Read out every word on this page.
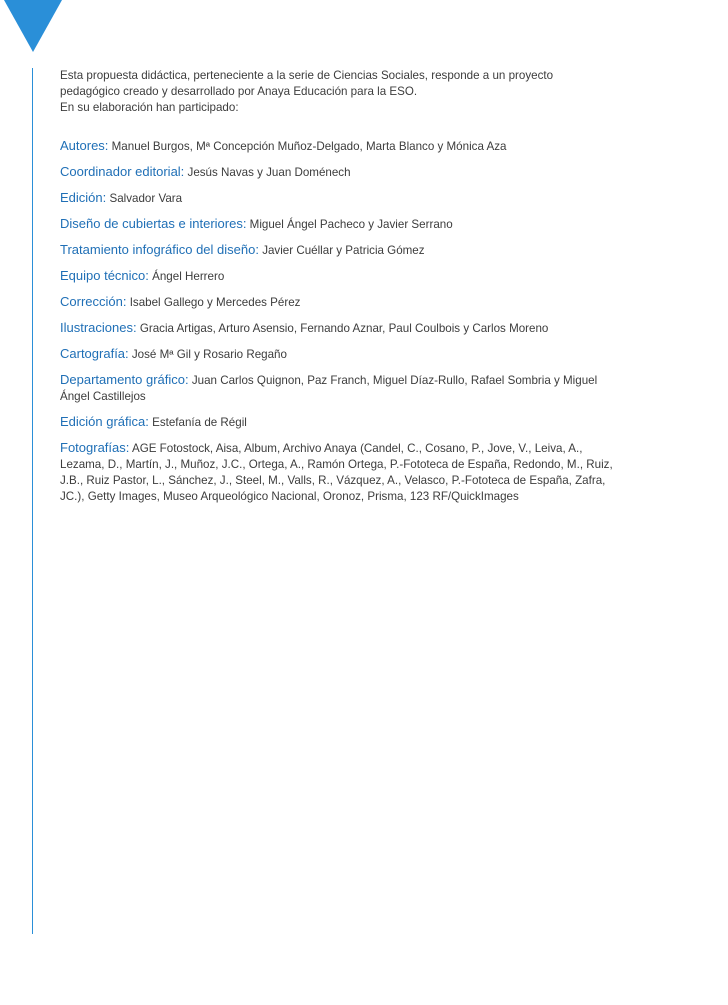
Esta propuesta didáctica, perteneciente a la serie de Ciencias Sociales, responde a un proyecto

pedagógico creado y desarrollado por Anaya Educación para la ESO.

En su elaboración han participado:

Autores: Manuel Burgos, Mª Concepción Muñoz-Delgado, Marta Blanco y Mónica Aza

Coordinador editorial: Jesús Navas y Juan Doménech

Edición: Salvador Vara

Diseño de cubiertas e interiores: Miguel Ángel Pacheco y Javier Serrano

Tratamiento infográfico del diseño: Javier Cuéllar y Patricia Gómez

Equipo técnico: Ángel Herrero

Corrección: Isabel Gallego y Mercedes Pérez

Ilustraciones: Gracia Artigas, Arturo Asensio, Fernando Aznar, Paul Coulbois y Carlos Moreno

Cartografía: José Mª Gil y Rosario Regaño

Departamento gráfico: Juan Carlos Quignon, Paz Franch, Miguel Díaz-Rullo, Rafael Sombria y Miguel Ángel Castillejos

Edición gráfica: Estefanía de Régil

Fotografías: AGE Fotostock, Aisa, Album, Archivo Anaya (Candel, C., Cosano, P., Jove, V., Leiva, A., Lezama, D., Martín, J., Muñoz, J.C., Ortega, A., Ramón Ortega, P.-Fototeca de España, Redondo, M., Ruiz, J.B., Ruiz Pastor, L., Sánchez, J., Steel, M., Valls, R., Vázquez, A., Velasco, P.-Fototeca de España, Zafra, JC.), Getty Images, Museo Arqueológico Nacional, Oronoz, Prisma, 123 RF/QuickImages
